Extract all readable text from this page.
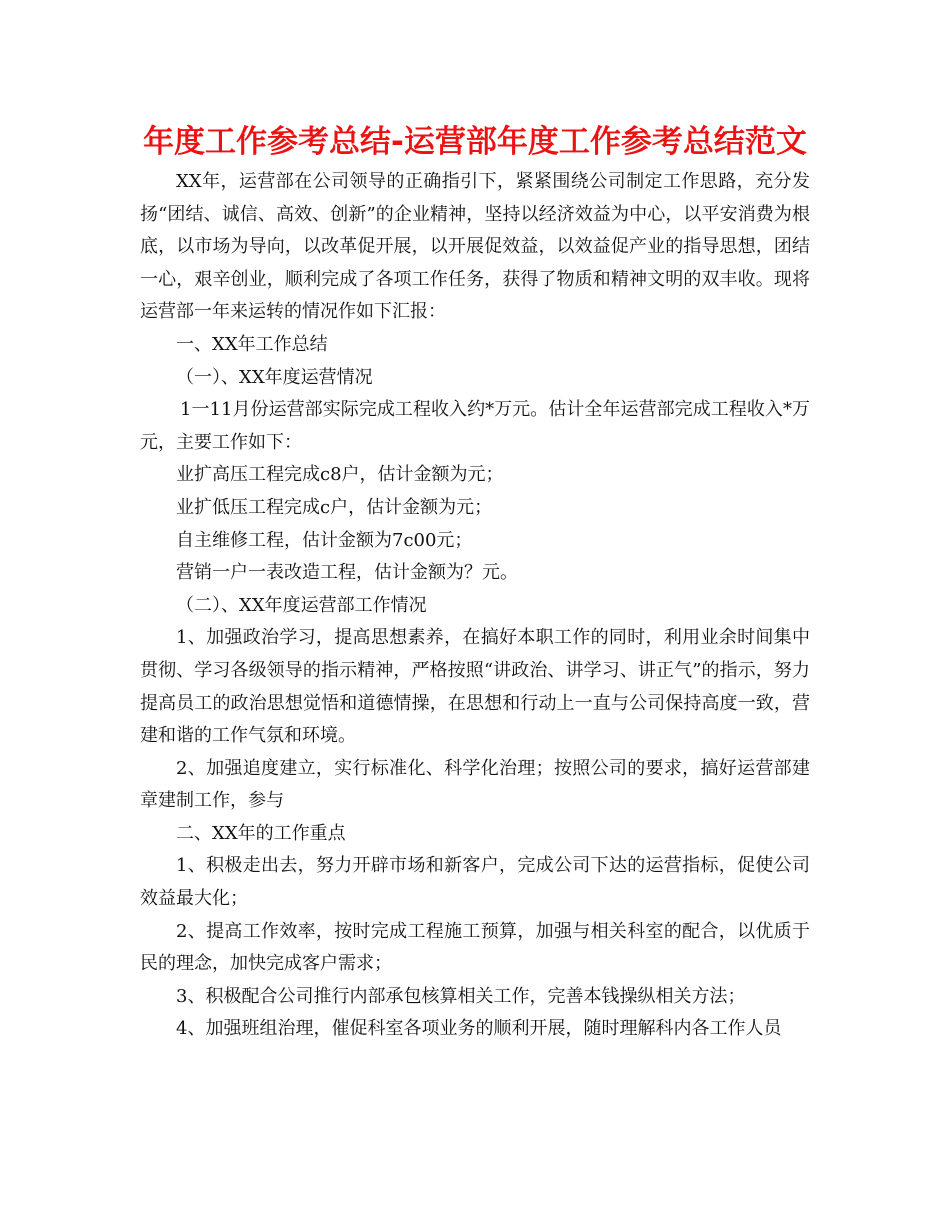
年度工作参考总结-运营部年度工作参考总结范文

XX年，运营部在公司领导的正确指引下，紧紧围绕公司制定工作思路，充分发扬“团结、诚信、高效、创新”的企业精神，坚持以经济效益为中心，以平安消费为根底，以市场为导向，以改革促开展，以开展促效益，以效益促产业的指导思想，团结一心，艰辛创业，顺利完成了各项工作任务，获得了物质和精神文明的双丰收。现将运营部一年来运转的情况作如下汇报：

一、XX年工作总结

（一）、XX年度运营情况

1一11月份运营部实际完成工程收入约*万元。估计全年运营部完成工程收入*万元，主要工作如下：

业扩高压工程完成c8户，估计金额为元；

业扩低压工程完成c户，估计金额为元；

自主维修工程，估计金额为7c00元；

营销一户一表改造工程，估计金额为？元。

（二）、XX年度运营部工作情况

1、加强政治学习，提高思想素养，在搞好本职工作的同时，利用业余时间集中贯彻、学习各级领导的指示精神，严格按照“讲政治、讲学习、讲正气”的指示，努力提高员工的政治思想觉悟和道德情操，在思想和行动上一直与公司保持高度一致，营建和谐的工作气氛和环境。

2、加强追度建立，实行标准化、科学化治理；按照公司的要求，搞好运营部建章建制工作，参与

二、XX年的工作重点

1、积极走出去，努力开辟市场和新客户，完成公司下达的运营指标，促使公司效益最大化；

2、提高工作效率，按时完成工程施工预算，加强与相关科室的配合，以优质于民的理念，加快完成客户需求；

3、积极配合公司推行内部承包核算相关工作，完善本钱操纵相关方法；

4、加强班组治理，催促科室各项业务的顺利开展，随时理解科内各工作人员
